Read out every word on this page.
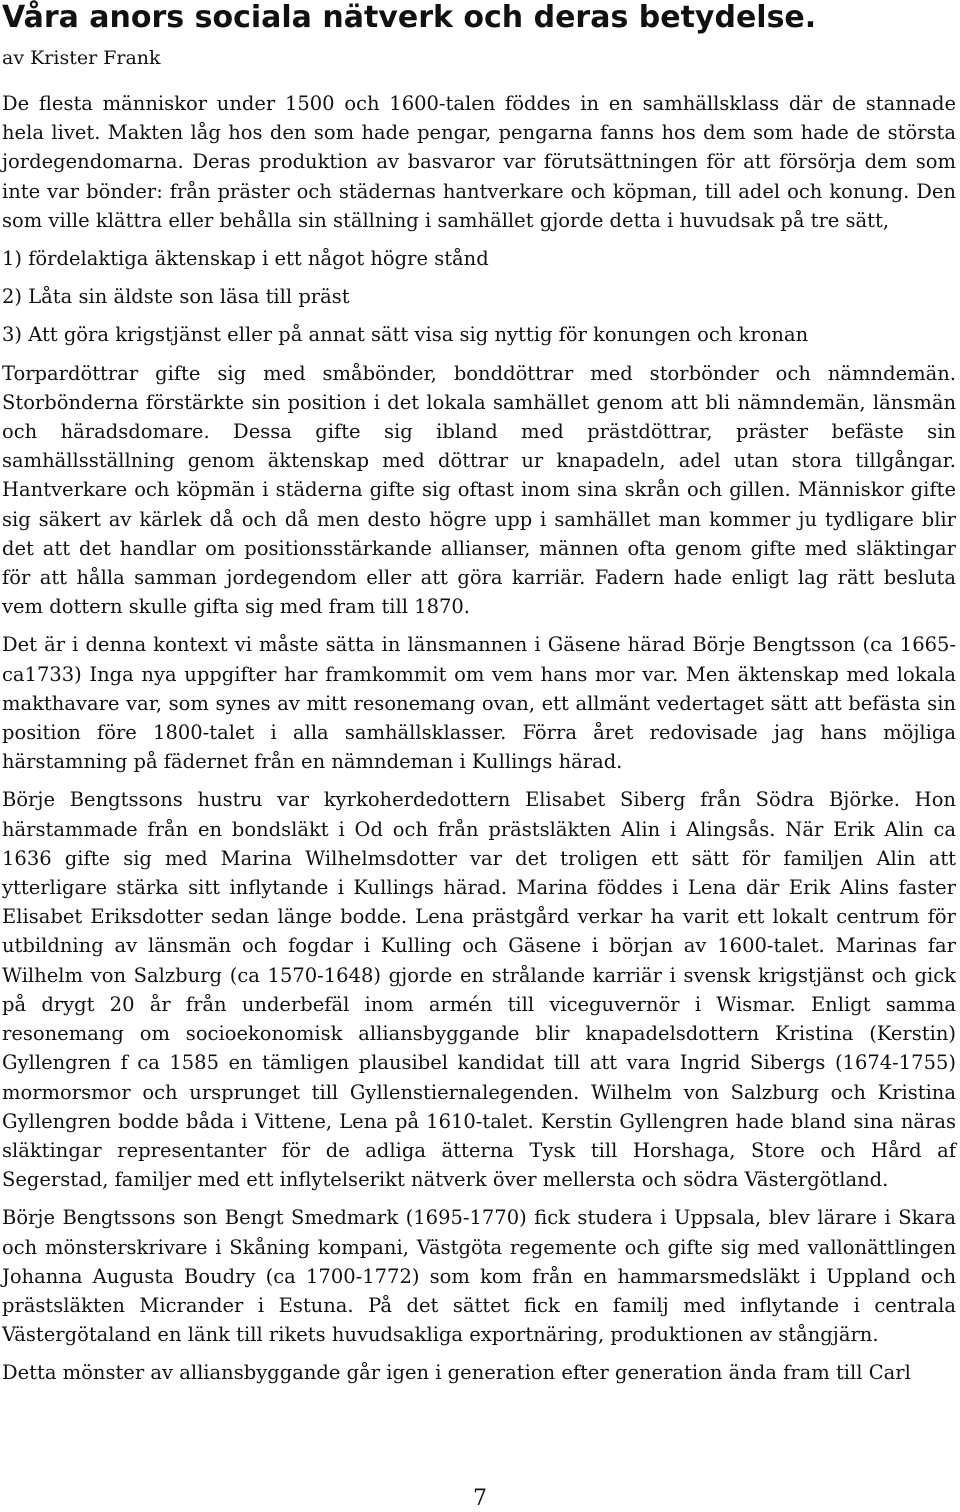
Våra anors sociala nätverk och deras betydelse.
av Krister Frank

De flesta människor under 1500 och 1600-talen föddes in en samhällsklass där de stannade hela livet. Makten låg hos den som hade pengar, pengarna fanns hos dem som hade de största jordegendomarna. Deras produktion av basvaror var förutsättningen för att försörja dem som inte var bönder: från präster och städernas hantverkare och köpman, till adel och konung. Den som ville klättra eller behålla sin ställning i samhället gjorde detta i huvudsak på tre sätt,

1) fördelaktiga äktenskap i ett något högre stånd

2) Låta sin äldste son läsa till präst

3) Att göra krigstjänst eller på annat sätt visa sig nyttig för konungen och kronan

Torpardöttrar gifte sig med småbönder, bonddöttrar med storbönder och nämndemän. Storbönderna förstärkte sin position i det lokala samhället genom att bli nämndemän, länsmän och häradsdomare. Dessa gifte sig ibland med prästdöttrar, präster befäste sin samhällsställning genom äktenskap med döttrar ur knapadeln, adel utan stora tillgångar. Hantverkare och köpmän i städerna gifte sig oftast inom sina skrån och gillen. Människor gifte sig säkert av kärlek då och då men desto högre upp i samhället man kommer ju tydligare blir det att det handlar om positionsstärkande allianser, männen ofta genom gifte med släktingar för att hålla samman jordegendom eller att göra karriär. Fadern hade enligt lag rätt besluta vem dottern skulle gifta sig med fram till 1870.

Det är i denna kontext vi måste sätta in länsmannen i Gäsene härad Börje Bengtsson (ca 1665-ca1733) Inga nya uppgifter har framkommit om vem hans mor var. Men äktenskap med lokala makthavare var, som synes av mitt resonemang ovan, ett allmänt vedertaget sätt att befästa sin position före 1800-talet i alla samhällsklasser. Förra året redovisade jag hans möjliga härstamning på fädernet från en nämndeman i Kullings härad.

Börje Bengtssons hustru var kyrkoherdedottern Elisabet Siberg från Södra Björke. Hon härstammade från en bondsläkt i Od och från prästsläkten Alin i Alingsås. När Erik Alin ca 1636 gifte sig med Marina Wilhelmsdotter var det troligen ett sätt för familjen Alin att ytterligare stärka sitt inflytande i Kullings härad. Marina föddes i Lena där Erik Alins faster Elisabet Eriksdotter sedan länge bodde. Lena prästgård verkar ha varit ett lokalt centrum för utbildning av länsmän och fogdar i Kulling och Gäsene i början av 1600-talet. Marinas far Wilhelm von Salzburg (ca 1570-1648) gjorde en strålande karriär i svensk krigstjänst och gick på drygt 20 år från underbefäl inom armén till viceguvernör i Wismar. Enligt samma resonemang om socioekonomisk alliansbyggande blir knapadelsdottern Kristina (Kerstin) Gyllengren f ca 1585 en tämligen plausibel kandidat till att vara Ingrid Sibergs (1674-1755) mormorsmor och ursprunget till Gyllenstiernalegenden. Wilhelm von Salzburg och Kristina Gyllengren bodde båda i Vittene, Lena på 1610-talet. Kerstin Gyllengren hade bland sina näras släktingar representanter för de adliga ätterna Tysk till Horshaga, Store och Hård af Segerstad, familjer med ett inflytelserikt nätverk över mellersta och södra Västergötland.

Börje Bengtssons son Bengt Smedmark (1695-1770) fick studera i Uppsala, blev lärare i Skara och mönsterskrivare i Skåning kompani, Västgöta regemente och gifte sig med vallonättlingen Johanna Augusta Boudry (ca 1700-1772) som kom från en hammarsmedsläkt i Uppland och prästsläkten Micrander i Estuna. På det sättet fick en familj med inflytande i centrala Västergötaland en länk till rikets huvudsakliga exportnäring, produktionen av stångjärn.

Detta mönster av alliansbyggande går igen i generation efter generation ända fram till Carl

7
